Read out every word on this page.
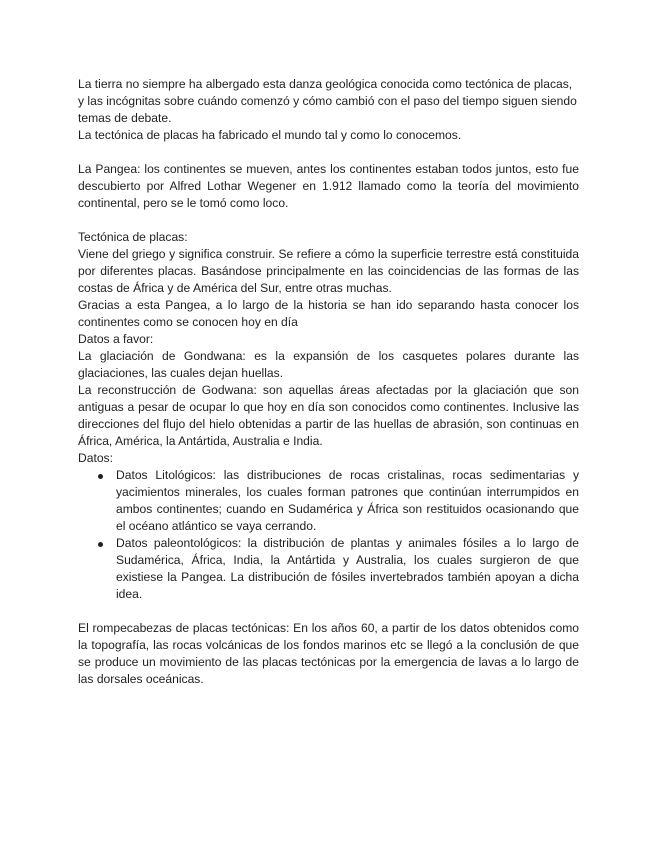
La tierra no siempre ha albergado esta danza geológica conocida como tectónica de placas, y las incógnitas sobre cuándo comenzó y cómo cambió con el paso del tiempo siguen siendo temas de debate.

La tectónica de placas ha fabricado el mundo tal y como lo conocemos.

La Pangea: los continentes se mueven, antes los continentes estaban todos juntos, esto fue descubierto por Alfred Lothar Wegener en 1.912 llamado como la teoría del movimiento continental, pero se le tomó como loco.

Tectónica de placas:

Viene del griego y significa construir. Se refiere a cómo la superficie terrestre está constituida por diferentes placas. Basándose principalmente en las coincidencias de las formas de las costas de África y de América del Sur, entre otras muchas.

Gracias a esta Pangea, a lo largo de la historia se han ido separando hasta conocer los continentes como se conocen hoy en día

Datos a favor:

La glaciación de Gondwana: es la expansión de los casquetes polares durante las glaciaciones, las cuales dejan huellas.

La reconstrucción de Godwana: son aquellas áreas afectadas por la glaciación que son antiguas a pesar de ocupar lo que hoy en día son conocidos como continentes. Inclusive las direcciones del flujo del hielo obtenidas a partir de las huellas de abrasión, son continuas en África, América, la Antártida, Australia e India.

Datos:

Datos Litológicos: las distribuciones de rocas cristalinas, rocas sedimentarias y yacimientos minerales, los cuales forman patrones que continúan interrumpidos en ambos continentes; cuando en Sudamérica y África son restituidos ocasionando que el océano atlántico se vaya cerrando.
Datos paleontológicos: la distribución de plantas y animales fósiles a lo largo de Sudamérica, África, India, la Antártida y Australia, los cuales surgieron de que existiese la Pangea. La distribución de fósiles invertebrados también apoyan a dicha idea.

El rompecabezas de placas tectónicas: En los años 60, a partir de los datos obtenidos como la topografía, las rocas volcánicas de los fondos marinos etc se llegó a la conclusión de que se produce un movimiento de las placas tectónicas por la emergencia de lavas a lo largo de las dorsales oceánicas.
